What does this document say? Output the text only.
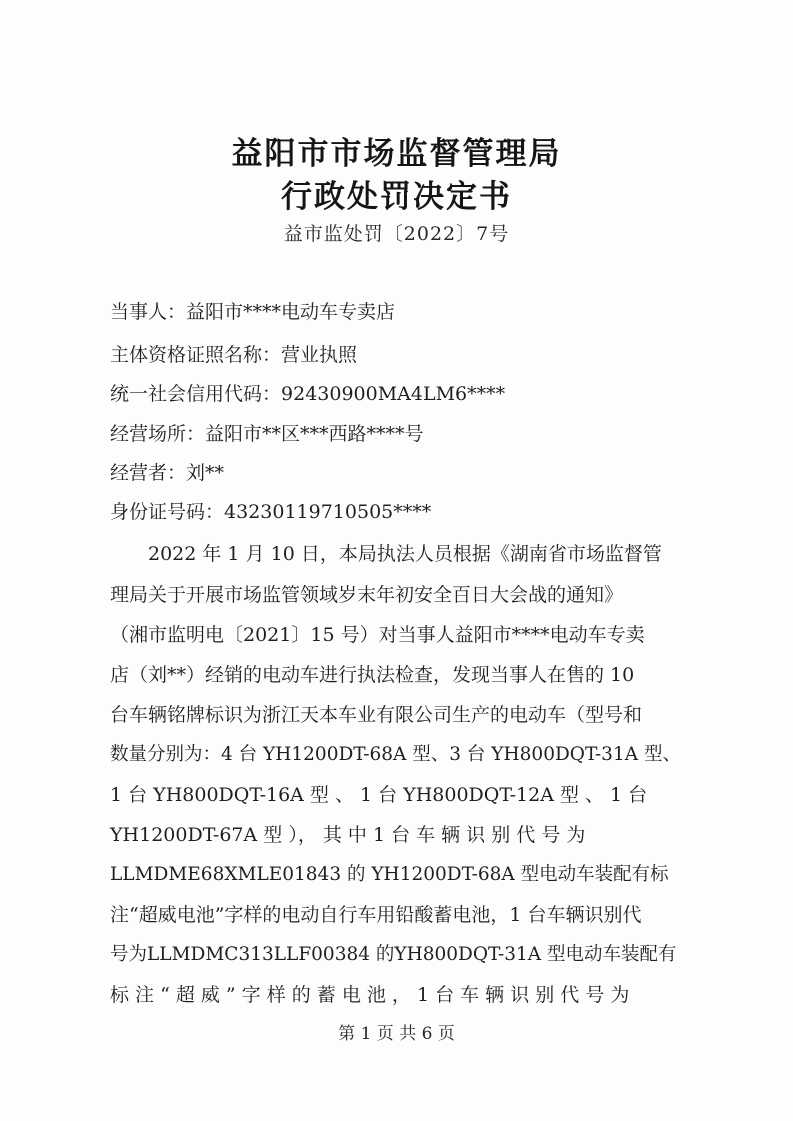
益阳市市场监督管理局
行政处罚决定书
益市监处罚〔2022〕7号
当事人：益阳市****电动车专卖店
主体资格证照名称：营业执照
统一社会信用代码：92430900MA4LM6****
经营场所：益阳市**区***西路****号
经营者：刘**
身份证号码：43230119710505****
2022 年 1 月 10 日，本局执法人员根据《湖南省市场监督管
理局关于开展市场监管领域岁末年初安全百日大会战的通知》
（湘市监明电〔2021〕15 号）对当事人益阳市****电动车专卖
店（刘**）经销的电动车进行执法检查，发现当事人在售的 10
台车辆铭牌标识为浙江天本车业有限公司生产的电动车（型号和
数量分别为：4 台 YH1200DT-68A 型、3 台 YH800DQT-31A 型、
1 台 YH800DQT-16A 型 、 1 台 YH800DQT-12A 型 、 1 台
YH1200DT-67A 型 ）， 其 中 1 台 车 辆 识 别 代 号 为
LLMDME68XMLE01843 的 YH1200DT-68A 型电动车装配有标
注“超威电池”字样的电动自行车用铅酸蓄电池，1 台车辆识别代
号为LLMDMC313LLF00384 的YH800DQT-31A 型电动车装配有
标 注 “ 超 威 ” 字 样 的 蓄 电 池 ， 1 台 车 辆 识 别 代 号 为
第 1 页 共 6 页
